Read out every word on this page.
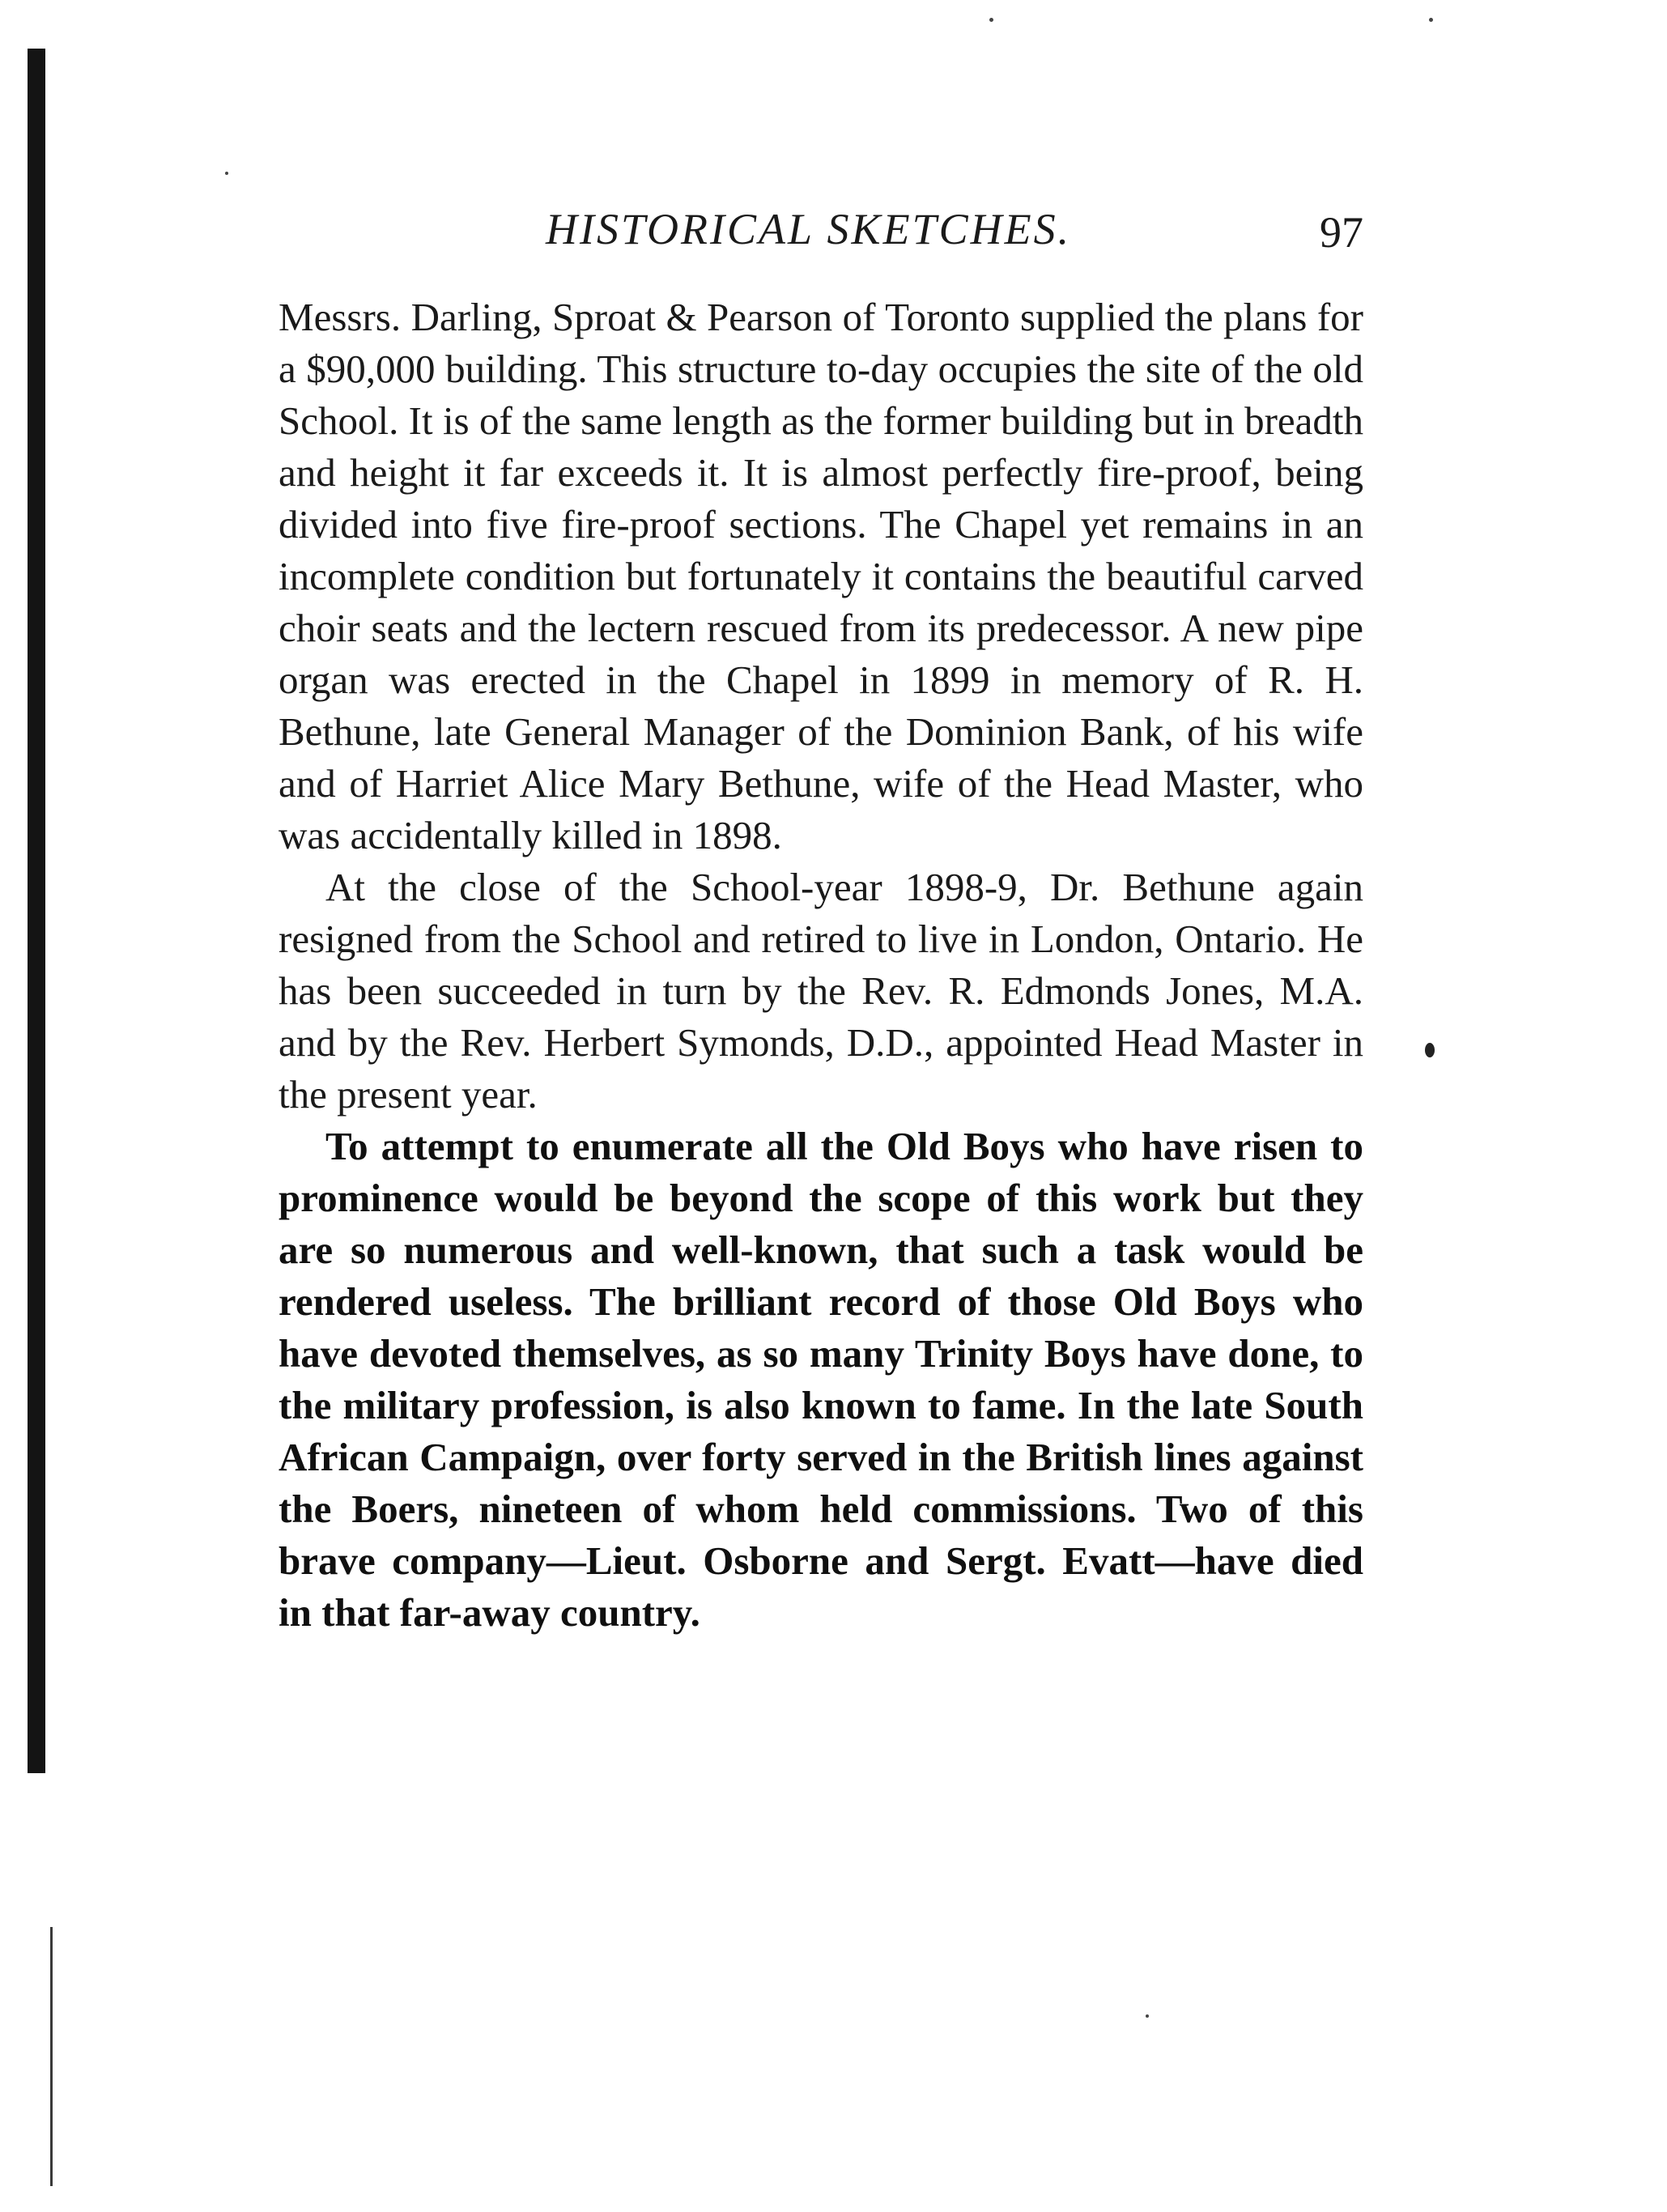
HISTORICAL SKETCHES.	97

Messrs. Darling, Sproat & Pearson of Toronto supplied the plans for a $90,000 building. This structure to-day occupies the site of the old School. It is of the same length as the former building but in breadth and height it far exceeds it. It is almost perfectly fire-proof, being divided into five fire-proof sections. The Chapel yet remains in an incomplete condition but fortunately it contains the beautiful carved choir seats and the lectern rescued from its predecessor. A new pipe organ was erected in the Chapel in 1899 in memory of R. H. Bethune, late General Manager of the Dominion Bank, of his wife and of Harriet Alice Mary Bethune, wife of the Head Master, who was accidentally killed in 1898.

At the close of the School-year 1898-9, Dr. Bethune again resigned from the School and retired to live in London, Ontario. He has been succeeded in turn by the Rev. R. Edmonds Jones, M.A. and by the Rev. Herbert Symonds, D.D., appointed Head Master in the present year.

To attempt to enumerate all the Old Boys who have risen to prominence would be beyond the scope of this work but they are so numerous and well-known, that such a task would be rendered useless. The brilliant record of those Old Boys who have devoted themselves, as so many Trinity Boys have done, to the military profession, is also known to fame. In the late South African Campaign, over forty served in the British lines against the Boers, nineteen of whom held commissions. Two of this brave company—Lieut. Osborne and Sergt. Evatt—have died in that far-away country.
